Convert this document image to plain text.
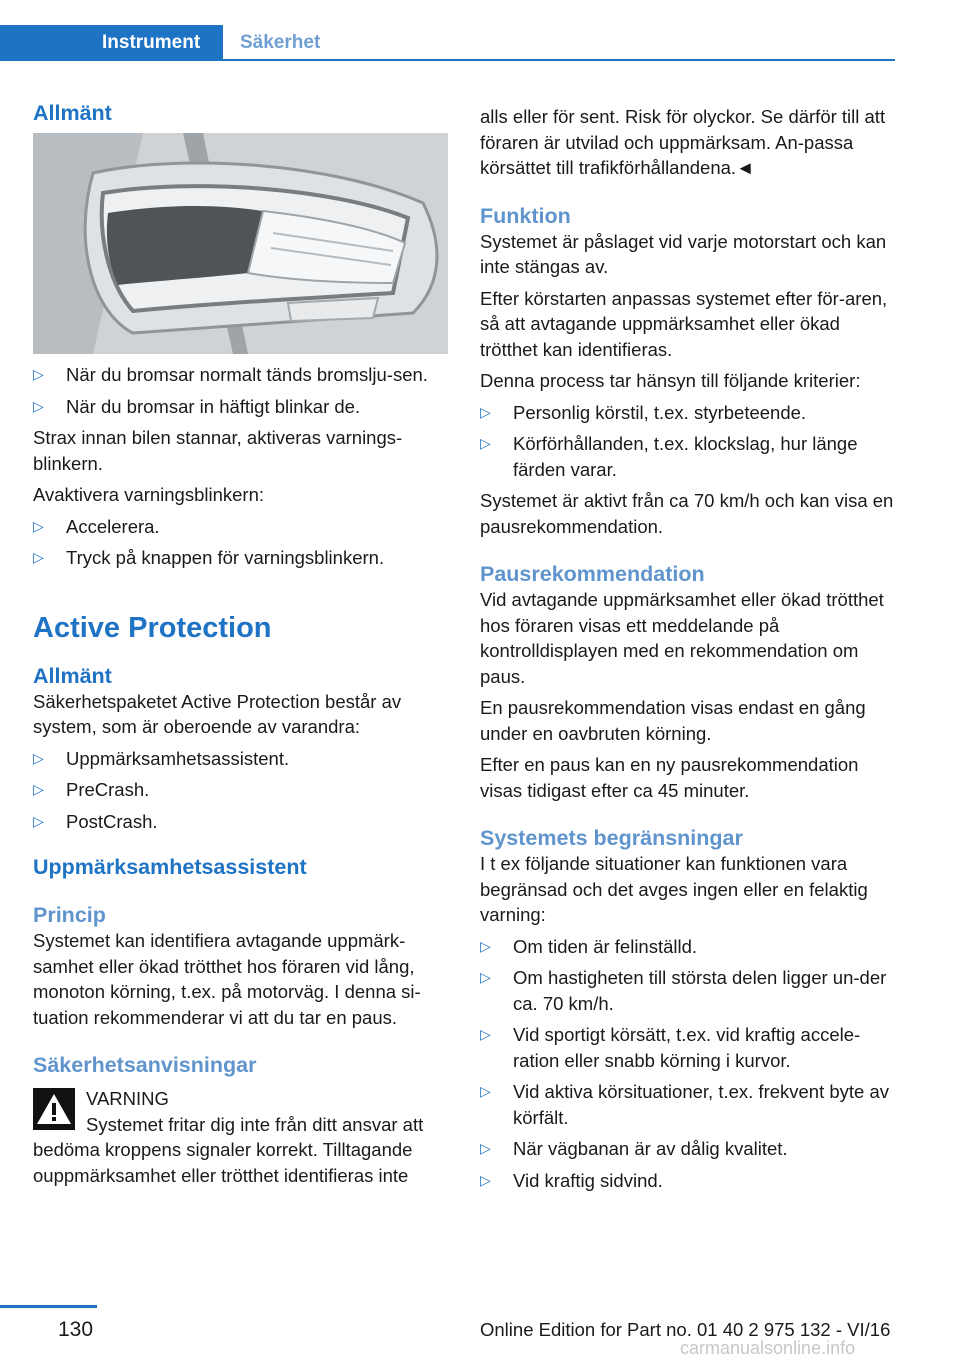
Instrument	Säkerhet
Allmänt
▷ När du bromsar normalt tänds bromslju-sen.
▷ När du bromsar in häftigt blinkar de.

Strax innan bilen stannar, aktiveras varnings-blinkern.

Avaktivera varningsblinkern:

▷ Accelerera.
▷ Tryck på knappen för varningsblinkern.
Active Protection
Allmänt

Säkerhetspaketet Active Protection består av system, som är oberoende av varandra:

▷ Uppmärksamhetsassistent.
▷ PreCrash.
▷ PostCrash.
Uppmärksamhetsassistent
Princip

Systemet kan identifiera avtagande uppmärk-samhet eller ökad trötthet hos föraren vid lång, monoton körning, t.ex. på motorväg. I denna si-tuation rekommenderar vi att du tar en paus.

Säkerhetsanvisningar

VARNING

Systemet fritar dig inte från ditt ansvar att

bedöma kroppens signaler korrekt. Tilltagande ouppmärksamhet eller trötthet identifieras inte

alls eller för sent. Risk för olyckor. Se därför till att föraren är utvilad och uppmärksam. An-passa körsättet till trafikförhållandena.◄

Funktion

Systemet är påslaget vid varje motorstart och kan inte stängas av.

Efter körstarten anpassas systemet efter för-aren, så att avtagande uppmärksamhet eller ökad trötthet kan identifieras.

Denna process tar hänsyn till följande kriterier:

▷ Personlig körstil, t.ex. styrbeteende.
▷ Körförhållanden, t.ex. klockslag, hur länge färden varar.

Systemet är aktivt från ca 70 km/h och kan visa en pausrekommendation.

Pausrekommendation

Vid avtagande uppmärksamhet eller ökad trötthet hos föraren visas ett meddelande på kontrolldisplayen med en rekommendation om paus.

En pausrekommendation visas endast en gång under en oavbruten körning.

Efter en paus kan en ny pausrekommendation visas tidigast efter ca 45 minuter.

Systemets begränsningar

I t ex följande situationer kan funktionen vara begränsad och det avges ingen eller en felaktig varning:

▷ Om tiden är felinställd.
▷ Om hastigheten till största delen ligger un-der ca. 70 km/h.
▷ Vid sportigt körsätt, t.ex. vid kraftig accele-ration eller snabb körning i kurvor.
▷ Vid aktiva körsituationer, t.ex. frekvent byte av körfält.
▷ När vägbanan är av dålig kvalitet.
▷ Vid kraftig sidvind.
130	Online Edition for Part no. 01 40 2 975 132 - VI/16
carmanualsonline.info
